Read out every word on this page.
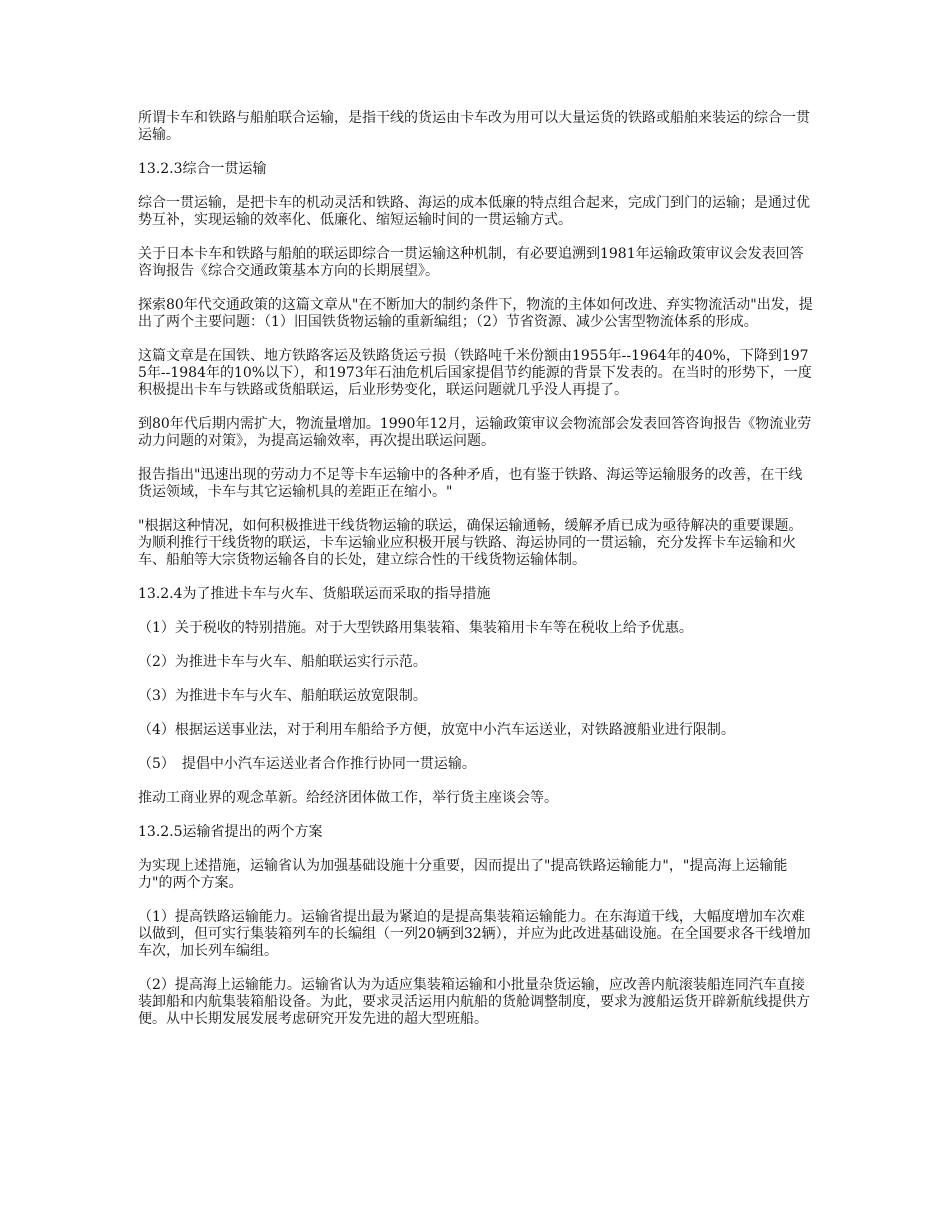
所谓卡车和铁路与船舶联合运输，是指干线的货运由卡车改为用可以大量运货的铁路或船舶来装运的综合一贯运输。

13.2.3综合一贯运输

综合一贯运输，是把卡车的机动灵活和铁路、海运的成本低廉的特点组合起来，完成门到门的运输；是通过优势互补，实现运输的效率化、低廉化、缩短运输时间的一贯运输方式。

关于日本卡车和铁路与船舶的联运即综合一贯运输这种机制，有必要追溯到1981年运输政策审议会发表回答咨询报告《综合交通政策基本方向的长期展望》。

探索80年代交通政策的这篇文章从"在不断加大的制约条件下，物流的主体如何改进、弃实物流活动"出发，提出了两个主要问题：（1）旧国铁货物运输的重新编组；（2）节省资源、减少公害型物流体系的形成。

这篇文章是在国铁、地方铁路客运及铁路货运亏损（铁路吨千米份额由1955年--1964年的40%，下降到1975年--1984年的10%以下），和1973年石油危机后国家提倡节约能源的背景下发表的。在当时的形势下，一度积极提出卡车与铁路或货船联运，后业形势变化，联运问题就几乎没人再提了。

到80年代后期内需扩大，物流量增加。1990年12月，运输政策审议会物流部会发表回答咨询报告《物流业劳动力问题的对策》，为提高运输效率，再次提出联运问题。

报告指出"迅速出现的劳动力不足等卡车运输中的各种矛盾，也有鉴于铁路、海运等运输服务的改善，在干线货运领域，卡车与其它运输机具的差距正在缩小。"

"根据这种情况，如何积极推进干线货物运输的联运，确保运输通畅，缓解矛盾已成为亟待解决的重要课题。为顺利推行干线货物的联运，卡车运输业应积极开展与铁路、海运协同的一贯运输，充分发挥卡车运输和火车、船舶等大宗货物运输各自的长处，建立综合性的干线货物运输体制。

13.2.4为了推进卡车与火车、货船联运而采取的指导措施

（1）关于税收的特别措施。对于大型铁路用集装箱、集装箱用卡车等在税收上给予优惠。

（2）为推进卡车与火车、船舶联运实行示范。

（3）为推进卡车与火车、船舶联运放宽限制。

（4）根据运送事业法，对于利用车船给予方便，放宽中小汽车运送业，对铁路渡船业进行限制。

（5）　提倡中小汽车运送业者合作推行协同一贯运输。

推动工商业界的观念革新。给经济团体做工作，举行货主座谈会等。

13.2.5运输省提出的两个方案

为实现上述措施，运输省认为加强基础设施十分重要，因而提出了"提高铁路运输能力"，"提高海上运输能力"的两个方案。

（1）提高铁路运输能力。运输省提出最为紧迫的是提高集装箱运输能力。在东海道干线，大幅度增加车次难以做到，但可实行集装箱列车的长编组（一列20辆到32辆），并应为此改进基础设施。在全国要求各干线增加车次，加长列车编组。

（2）提高海上运输能力。运输省认为为适应集装箱运输和小批量杂货运输，应改善内航滚装船连同汽车直接装卸船和内航集装箱船设备。为此，要求灵活运用内航船的货舱调整制度，要求为渡船运货开辟新航线提供方便。从中长期发展发展考虑研究开发先进的超大型班船。
